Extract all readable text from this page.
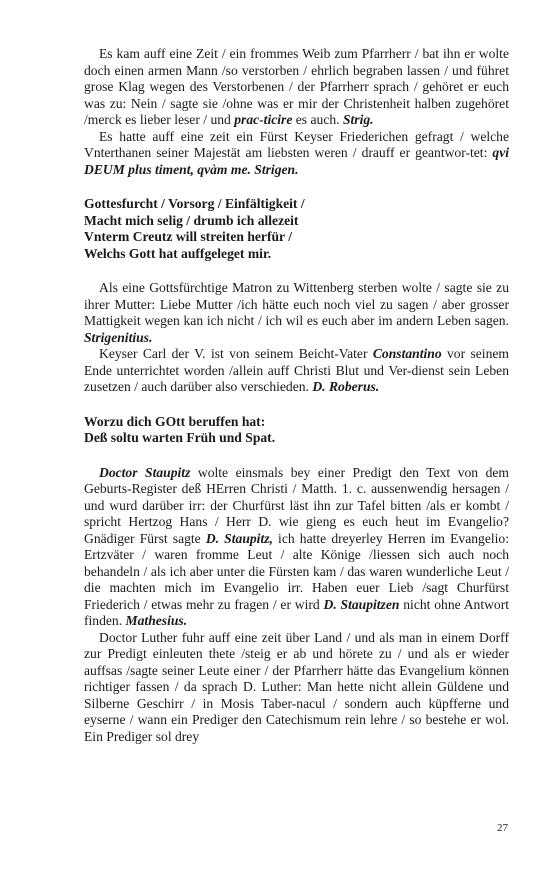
Es kam auff eine Zeit / ein frommes Weib zum Pfarrherr / bat ihn er wolte doch einen armen Mann /so verstorben / ehrlich begraben lassen / und führet grose Klag wegen des Verstorbenen / der Pfarrherr sprach / gehöret er euch was zu: Nein / sagte sie /ohne was er mir der Christenheit halben zugehöret /merck es lieber leser / und prac-ticire es auch. Strig.

Es hatte auff eine zeit ein Fürst Keyser Friederichen gefragt / welche Vnterthanen seiner Majestät am liebsten weren / drauff er geantwor-tet: qvi DEUM plus timent, qvàm me. Strigen.

Gottesfurcht / Vorsorg / Einfältigkeit /
Macht mich selig / drumb ich allezeit
Vnterm Creutz will streiten herfür /
Welchs Gott hat auffgeleget mir.

Als eine Gottsfürchtige Matron zu Wittenberg sterben wolte / sagte sie zu ihrer Mutter: Liebe Mutter /ich hätte euch noch viel zu sagen / aber grosser Mattigkeit wegen kan ich nicht / ich wil es euch aber im andern Leben sagen. Strigenitius.

Keyser Carl der V. ist von seinem Beicht-Vater Constantino vor seinem Ende unterrichtet worden /allein auff Christi Blut und Ver-dienst sein Leben zusetzen / auch darüber also verschieden. D. Roberus.

Worzu dich GOtt beruffen hat:
Deß soltu warten Früh und Spat.

Doctor Staupitz wolte einsmals bey einer Predigt den Text von dem Geburts-Register deß HErren Christi / Matth. 1. c. aussenwendig hersagen / und wurd darüber irr: der Churfürst läst ihn zur Tafel bitten /als er kombt / spricht Hertzog Hans / Herr D. wie gieng es euch heut im Evangelio? Gnädiger Fürst sagte D. Staupitz, ich hatte dreyerley Herren im Evangelio: Ertzväter / waren fromme Leut / alte Könige /liessen sich auch noch behandeln / als ich aber unter die Fürsten kam / das waren wunderliche Leut / die machten mich im Evangelio irr. Haben euer Lieb /sagt Churfürst Friederich / etwas mehr zu fragen / er wird D. Staupitzen nicht ohne Antwort finden. Mathesius.

Doctor Luther fuhr auff eine zeit über Land / und als man in einem Dorff zur Predigt einleuten thete /steig er ab und hörete zu / und als er wieder auffsas /sagte seiner Leute einer / der Pfarrherr hätte das Evangelium können richtiger fassen / da sprach D. Luther: Man hette nicht allein Güldene und Silberne Geschirr / in Mosis Taber-nacul / sondern auch küpfferne und eyserne / wann ein Prediger den Catechismum rein lehre / so bestehe er wol. Ein Prediger sol drey

27
